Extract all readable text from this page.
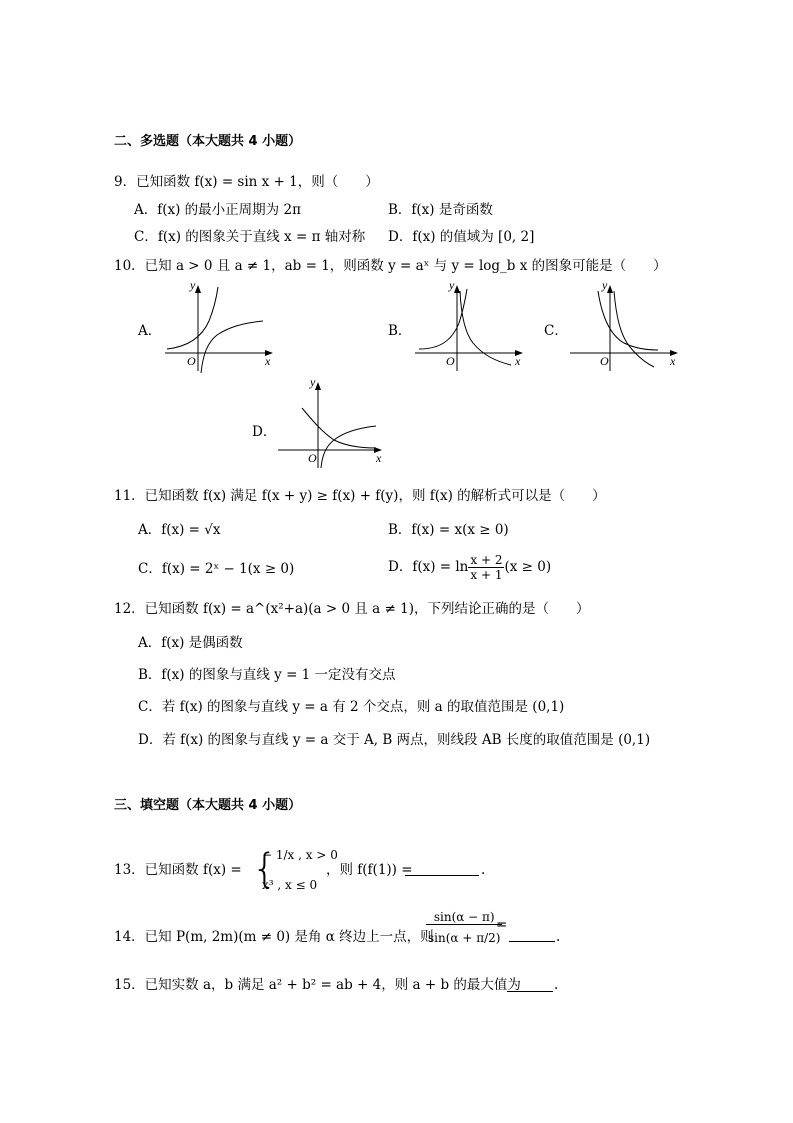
二、多选题（本大题共 4 小题）
9．已知函数 f(x) = sin x + 1，则（　　）
A．f(x) 的最小正周期为 2π	B．f(x) 是奇函数
C．f(x) 的图象关于直线 x = π 轴对称 D．f(x) 的值域为 [0, 2]
10．已知 a > 0 且 a ≠ 1，ab = 1，则函数 y = aˣ 与 y = log_b x 的图象可能是（　　）
A．
y
x
O
B．
y
x
O
C．
y
x
O
D．
y
x
O
11．已知函数 f(x) 满足 f(x + y) ≥ f(x) + f(y)，则 f(x) 的解析式可以是（　　）
A．f(x) = √x	B．f(x) = x(x ≥ 0)
C．f(x) = 2ˣ − 1(x ≥ 0)	D．$f(x) = \ln \frac{x + 2}{x + 1} (x \ge 0)$
12．已知函数 f(x) = a^(x²+a)(a > 0 且 a ≠ 1)，下列结论正确的是（　　）
A．f(x) 是偶函数
B．f(x) 的图象与直线 y = 1 一定没有交点
C．若 f(x) 的图象与直线 y = a 有 2 个交点，则 a 的取值范围是 (0,1)
D．若 f(x) 的图象与直线 y = a 交于 A, B 两点，则线段 AB 长度的取值范围是 (0,1)
三、填空题（本大题共 4 小题）
13．已知函数 f(x) = {
− 1/x , x > 0
x³ , x ≤ 0
，则 f(f(1)) =	.
14．已知 P(m, 2m)(m ≠ 0) 是角 α 终边上一点，则
$\frac{\sin(\alpha - \pi)}{\sin(\alpha + \pi/2)}$
=
.
15．已知实数 a，b 满足 a² + b² = ab + 4，则 a + b 的最大值为 .
